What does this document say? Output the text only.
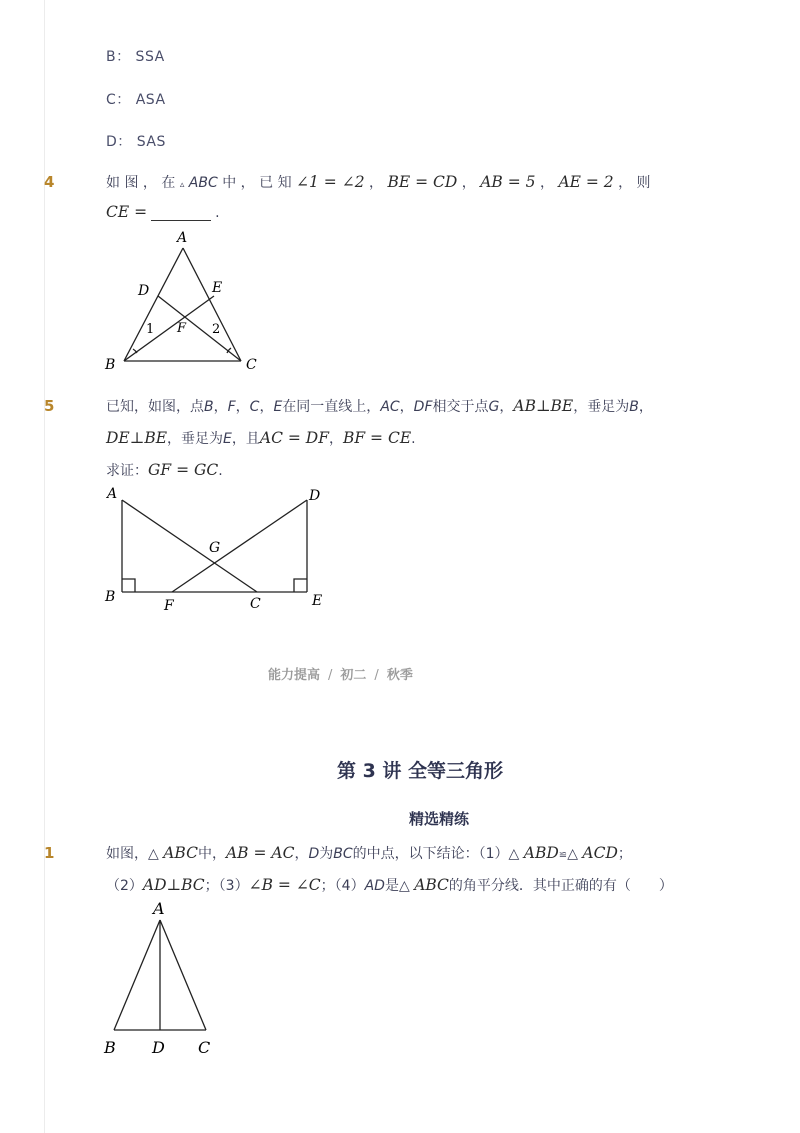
B： SSA
C： ASA
D： SAS
4	如 图 ， 在 ▵ ABC 中 ， 已 知 ∠1 = ∠2 ， BE = CD ， AB = 5 ， AE = 2 ， 则
CE =	.
A
D	E
F
1	2
B	C
5	已知，如图，点B，F，C，E在同一直线上，AC，DF相交于点G，AB⊥BE，垂足为B，
DE⊥BE，垂足为E，且AC = DF，BF = CE.
求证：GF = GC.
A	D
G
B
F	C	E
能力提高 / 初二 / 秋季
第 3 讲 全等三角形
精选精练
1	如图，△ ABC中，AB = AC，D为BC的中点，以下结论：（1）△ ABD≌△ ACD；
（2）AD⊥BC；（3）∠B = ∠C；（4）AD是△ ABC的角平分线．其中正确的有（　　）
A
B D C
